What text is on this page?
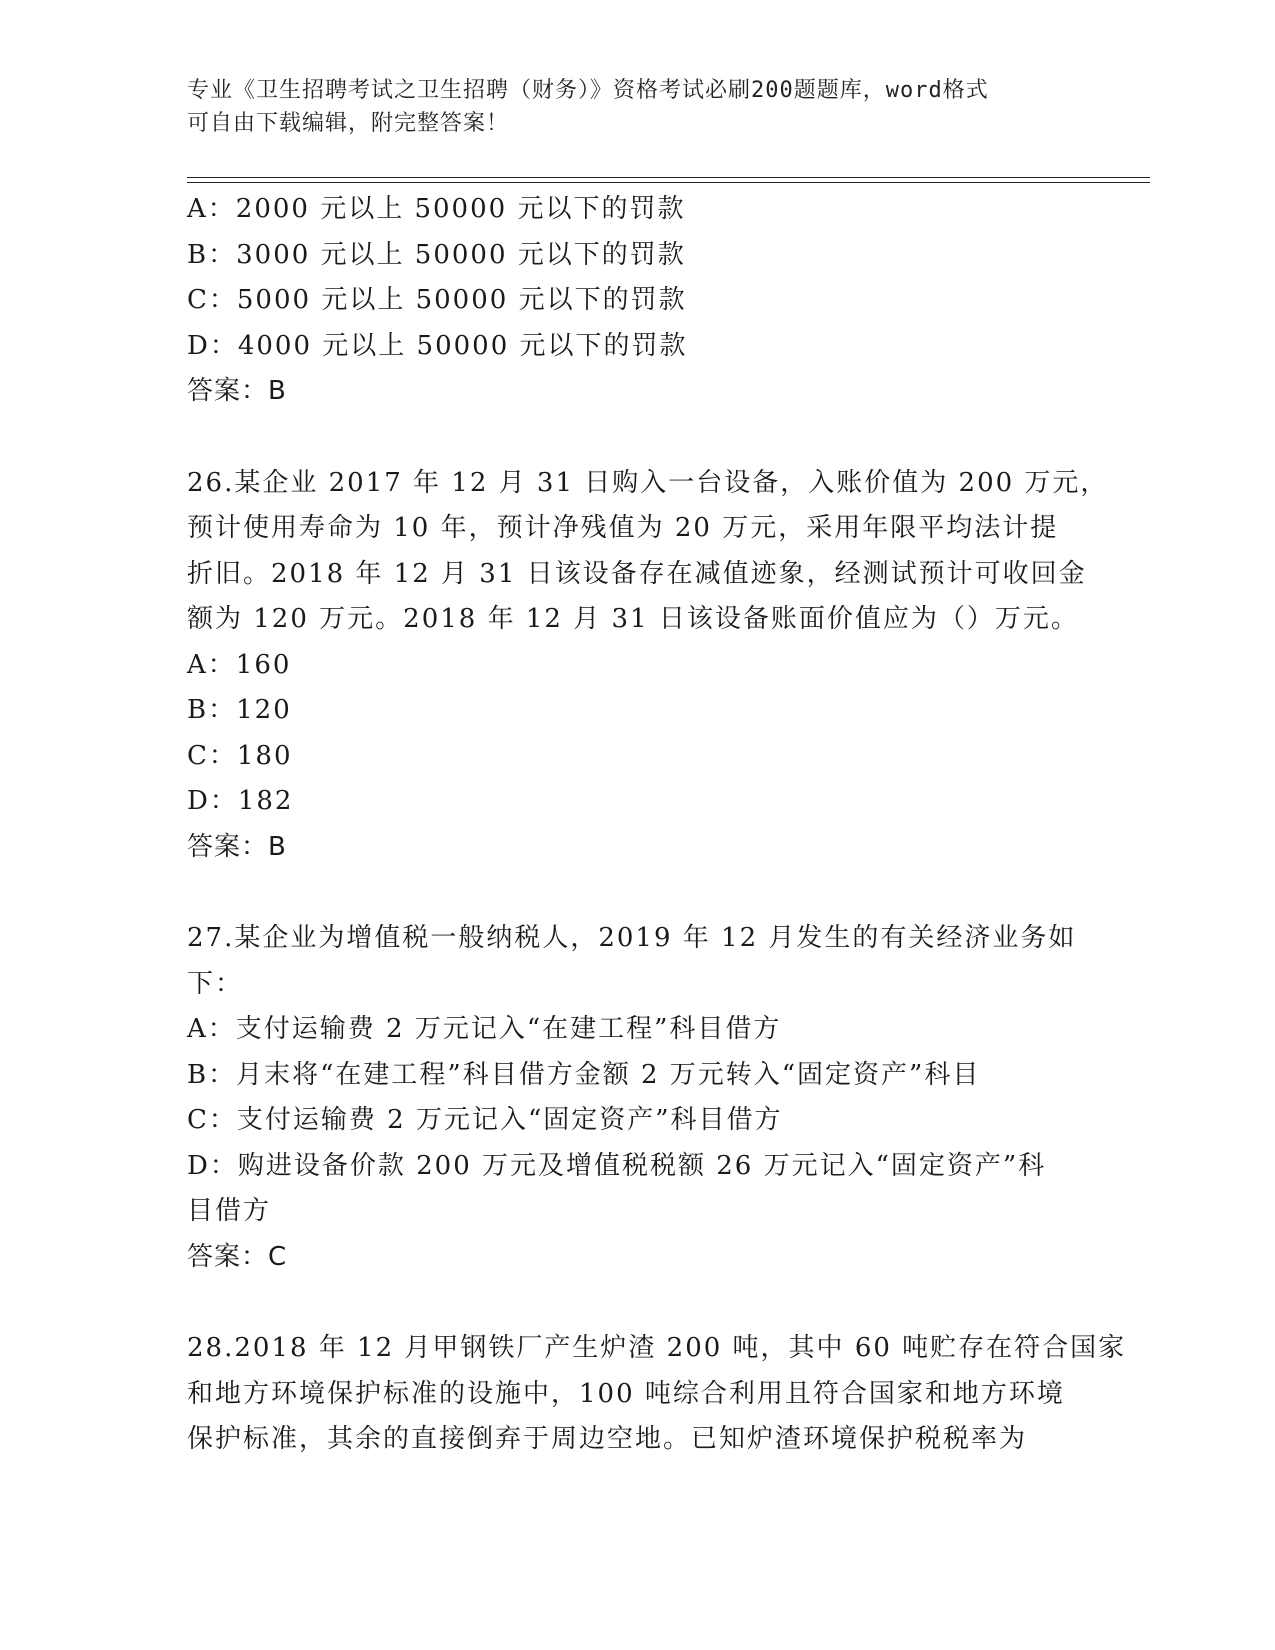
专业《卫生招聘考试之卫生招聘（财务）》资格考试必刷200题题库，word格式
可自由下载编辑，附完整答案！
A：2000 元以上 50000 元以下的罚款
B：3000 元以上 50000 元以下的罚款
C：5000 元以上 50000 元以下的罚款
D：4000 元以上 50000 元以下的罚款
答案：B
26.某企业 2017 年 12 月 31 日购入一台设备，入账价值为 200 万元，
预计使用寿命为 10 年，预计净残值为 20 万元，采用年限平均法计提
折旧。2018 年 12 月 31 日该设备存在减值迹象，经测试预计可收回金
额为 120 万元。2018 年 12 月 31 日该设备账面价值应为（）万元。
A：160
B：120
C：180
D：182
答案：B
27.某企业为增值税一般纳税人，2019 年 12 月发生的有关经济业务如
下：
A：支付运输费 2 万元记入“在建工程”科目借方
B：月末将“在建工程”科目借方金额 2 万元转入“固定资产”科目
C：支付运输费 2 万元记入“固定资产”科目借方
D：购进设备价款 200 万元及增值税税额 26 万元记入“固定资产”科
目借方
答案：C
28.2018 年 12 月甲钢铁厂产生炉渣 200 吨，其中 60 吨贮存在符合国家
和地方环境保护标准的设施中，100 吨综合利用且符合国家和地方环境
保护标准，其余的直接倒弃于周边空地。已知炉渣环境保护税税率为
